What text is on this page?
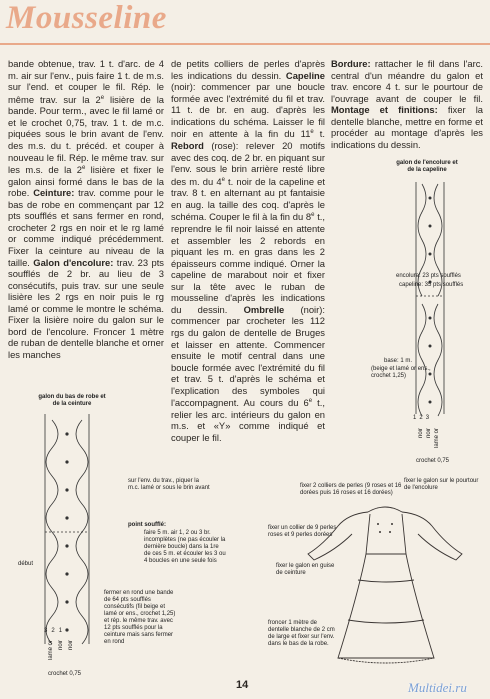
Mousseline

bande obtenue, trav. 1 t. d'arc. de 4 m. air sur l'env., puis faire 1 t. de m.s. sur l'end. et couper le fil. Rép. le même trav. sur la 2e lisière de la bande. Pour term., avec le fil lamé or et le crochet 0,75, trav. 1 t. de m.c. piquées sous le brin avant de l'env. des m.s. du t. précéd. et couper à nouveau le fil. Rép. le même trav. sur les m.s. de la 2e lisière et fixer le galon ainsi formé dans le bas de la robe. Ceinture: trav. comme pour le bas de robe en commençant par 12 pts soufflés et sans fermer en rond, crocheter 2 rgs en noir et le rg lamé or comme indiqué précédemment. Fixer la ceinture au niveau de la taille. Galon d'encolure: trav. 23 pts soufflés de 2 br. au lieu de 3 consécutifs, puis trav. sur une seule lisière les 2 rgs en noir puis le rg lamé or comme le montre le schéma. Fixer la lisière noire du galon sur le bord de l'encolure. Froncer 1 mètre de ruban de dentelle blanche et orner les manches

de petits colliers de perles d'après les indications du dessin. Capeline (noir): commencer par une boucle formée avec l'extrémité du fil et trav. 11 t. de br. en aug. d'après les indications du schéma. Laisser le fil noir en attente à la fin du 11e t. Rebord (rose): relever 20 motifs avec des coq. de 2 br. en piquant sur l'env. sous le brin arrière resté libre des m. du 4e t. noir de la capeline et trav. 8 t. en alternant au pt fantaisie en aug. la taille des coq. d'après le schéma. Couper le fil à la fin du 8e t., reprendre le fil noir laissé en attente et assembler les 2 rebords en piquant les m. en gras dans les 2 épaisseurs comme indiqué. Orner la capeline de marabout noir et fixer sur la tête avec le ruban de mousseline d'après les indications du dessin. Ombrelle (noir): commencer par crocheter les 112 rgs du galon de dentelle de Bruges et laisser en attente. Commencer ensuite le motif central dans une boucle formée avec l'extrémité du fil et trav. 5 t. d'après le schéma et l'explication des symboles qui l'accompagnent. Au cours du 6e t., relier les arc. intérieurs du galon en m.s. et «Y» comme indiqué et couper le fil.

Bordure: rattacher le fil dans l'arc. central d'un méandre du galon et trav. encore 4 t. sur le pourtour de l'ouvrage avant de couper le fil. Montage et finitions: fixer la dentelle blanche, mettre en forme et procéder au montage d'après les indications du dessin.

galon de l'encolure et de la capeline
encolure: 23 pts soufflés
capeline: 35 pts soufflés
base: 1 m.
(beige et lamé or ens., crochet 1,25)
123
noir noir lamé or
crochet 0,75
galon du bas de robe et de la ceinture
début
321
lamé or noir noir
crochet 0,75
sur l'env. du trav., piquer la m.c. lamé or sous le brin avant
point soufflé:
faire 5 m. air 1, 2 ou 3 br. incomplètes (ne pas écouler la dernière boucle) dans la 1re de ces 5 m. et écouler les 3 ou 4 boucles en une seule fois
fermer en rond une bande de 64 pts soufflés consécutifs (fil beige et lamé or ens., crochet 1,25) et rép. le même trav. avec 12 pts soufflés pour la ceinture mais sans fermer en rond
fixer 2 colliers de perles (9 roses et 16 dorées puis 16 roses et 16 dorées)
fixer le galon sur le pourtour de l'encolure
fixer un collier de 9 perles roses et 9 perles dorées
fixer le galon en guise de ceinture
froncer 1 mètre de dentelle blanche de 2 cm de large et fixer sur l'env. dans le bas de la robe.
14	Multidei.ru
